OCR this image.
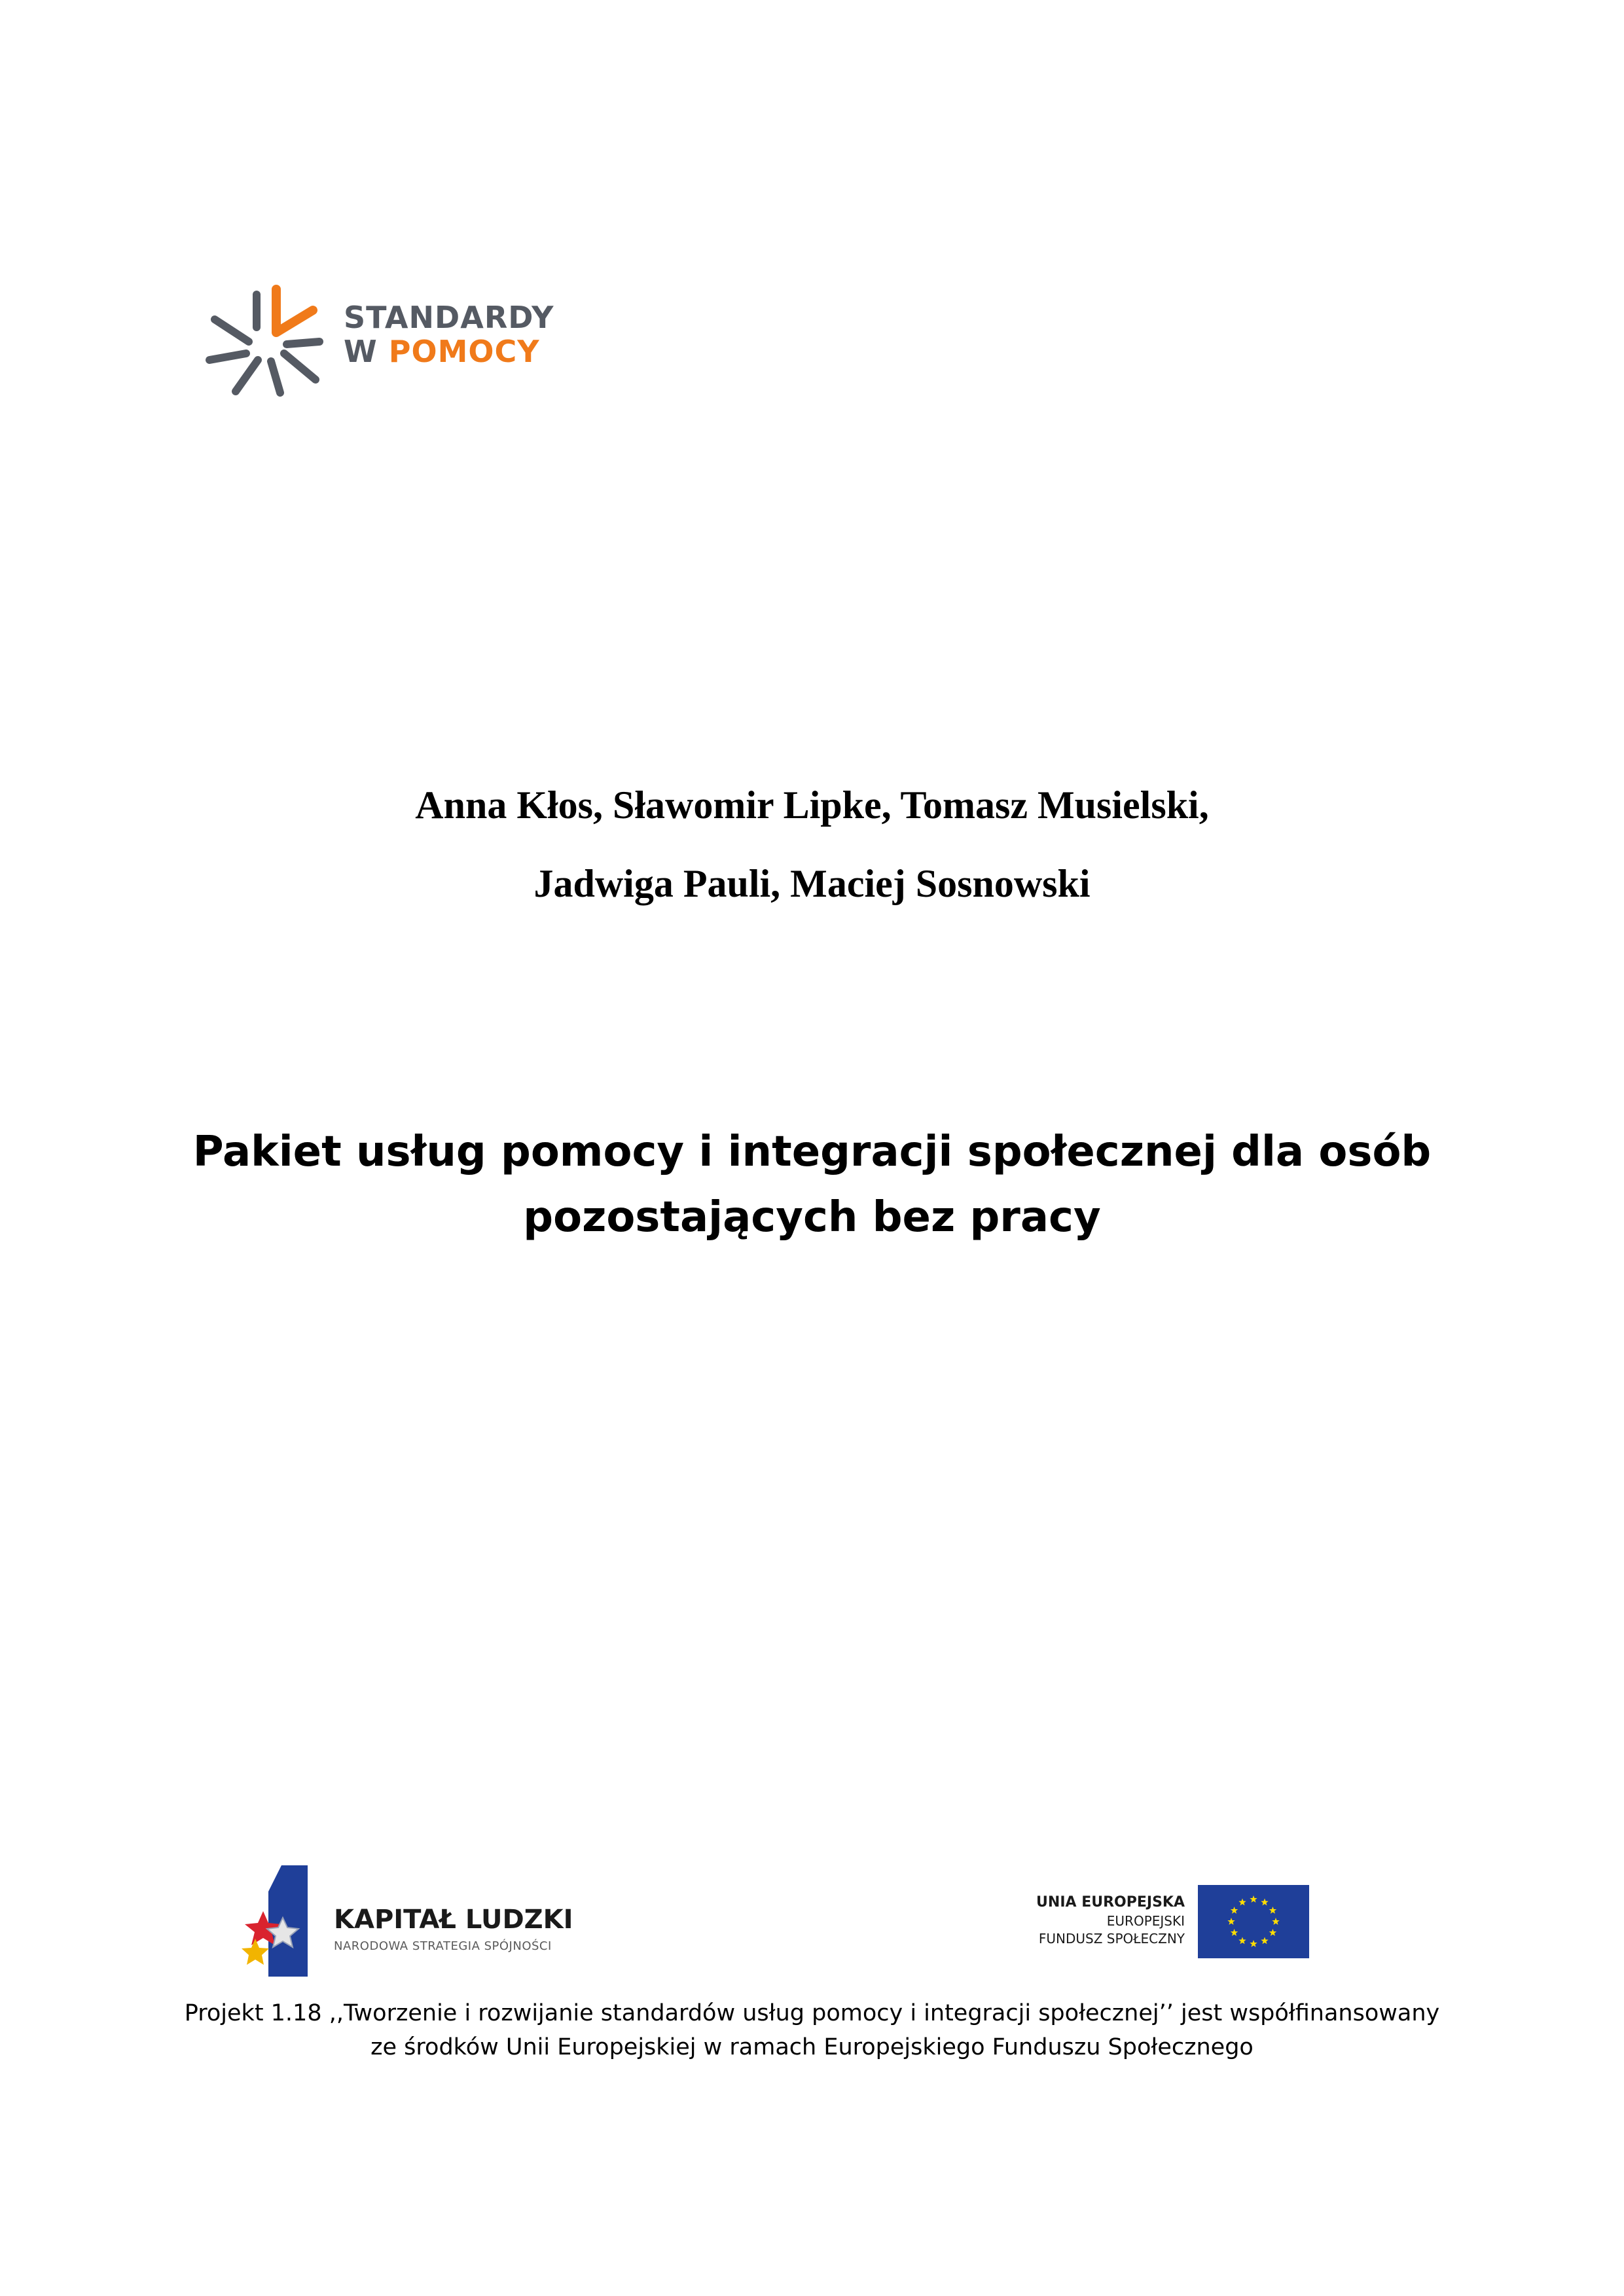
STANDARDY
W POMOCY
Anna Kłos, Sławomir Lipke, Tomasz Musielski,
Jadwiga Pauli, Maciej Sosnowski
Pakiet usług pomocy i integracji społecznej dla osób
pozostających bez pracy
KAPITAŁ LUDZKI
NARODOWA STRATEGIA SPÓJNOŚCI
UNIA EUROPEJSKA
EUROPEJSKI
FUNDUSZ SPOŁECZNY
Projekt 1.18 ,,Tworzenie i rozwijanie standardów usług pomocy i integracji społecznej’’ jest współfinansowany
ze środków Unii Europejskiej w ramach Europejskiego Funduszu Społecznego
